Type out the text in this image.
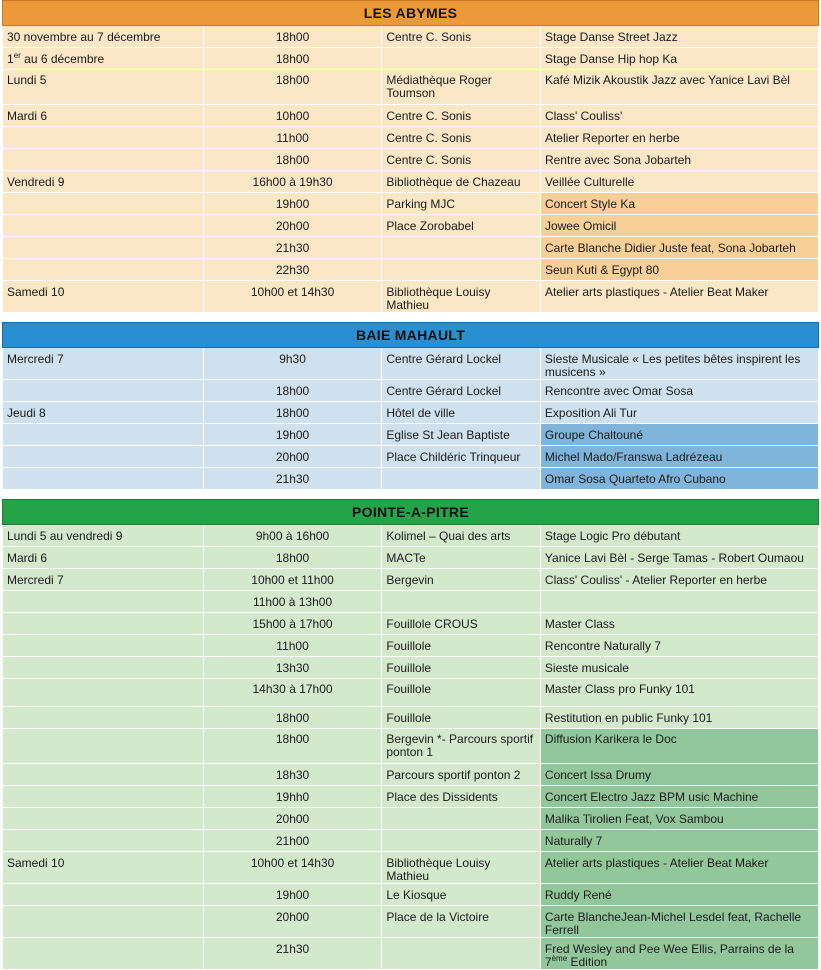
LES ABYMES			
30 novembre au 7 décembre	18h00	Centre C. Sonis	Stage Danse Street Jazz
1er au 6 décembre	18h00		Stage Danse Hip hop Ka
Lundi 5	18h00	Médiathèque Roger Toumson	Kafé Mizik Akoustik Jazz avec Yanice Lavi Bèl
Mardi 6	10h00	Centre C. Sonis	Class' Couliss'
	11h00	Centre C. Sonis	Atelier Reporter en herbe
	18h00	Centre C. Sonis	Rentre avec Sona Jobarteh
Vendredi 9	16h00 à 19h30	Bibliothèque de Chazeau	Veillée Culturelle
	19h00	Parking MJC	Concert Style Ka
	20h00	Place Zorobabel	Jowee Omicil
	21h30		Carte Blanche Didier Juste feat, Sona Jobarteh
	22h30		Seun Kuti & Egypt 80
Samedi 10	10h00 et 14h30	Bibliothèque Louisy Mathieu	Atelier arts plastiques - Atelier Beat Maker
BAIE MAHAULT			
Mercredi 7	9h30	Centre Gérard Lockel	Sieste Musicale « Les petites bêtes inspirent les musicens »
	18h00	Centre Gérard Lockel	Rencontre avec Omar Sosa
Jeudi 8	18h00	Hôtel de ville	Exposition Ali Tur
	19h00	Eglise St Jean Baptiste	Groupe Chaltouné
	20h00	Place Childéric Trinqueur	Michel Mado/Franswa Ladrézeau
	21h30		Omar Sosa Quarteto Afro Cubano
POINTE-A-PITRE			
Lundi 5 au vendredi 9	9h00 à 16h00	Kolimel – Quai des arts	Stage Logic Pro débutant
Mardi 6	18h00	MACTe	Yanice Lavi Bèl - Serge Tamas - Robert Oumaou
Mercredi 7	10h00 et 11h00	Bergevin	Class' Couliss' - Atelier Reporter en herbe
	11h00 à 13h00		
	15h00 à 17h00	Fouillole CROUS	Master Class
	11h00	Fouillole	Rencontre Naturally 7
	13h30	Fouillole	Sieste musicale
	14h30 à 17h00	Fouillole	Master Class pro Funky 101
	18h00	Fouillole	Restitution en public Funky 101
	18h00	Bergevin *- Parcours sportif ponton 1	Diffusion Karikera le Doc
	18h30	Parcours sportif ponton 2	Concert Issa Drumy
	19hh0	Place des Dissidents	Concert Electro Jazz BPM usic Machine
	20h00		Malika Tirolien Feat, Vox Sambou
	21h00		Naturally 7
Samedi 10	10h00 et 14h30	Bibliothèque Louisy Mathieu	Atelier arts plastiques - Atelier Beat Maker
	19h00	Le Kiosque	Ruddy René
	20h00	Place de la Victoire	Carte BlancheJean-Michel Lesdel feat, Rachelle Ferrell
	21h30		Fred Wesley and Pee Wee Ellis, Parrains de la 7ème Edition
